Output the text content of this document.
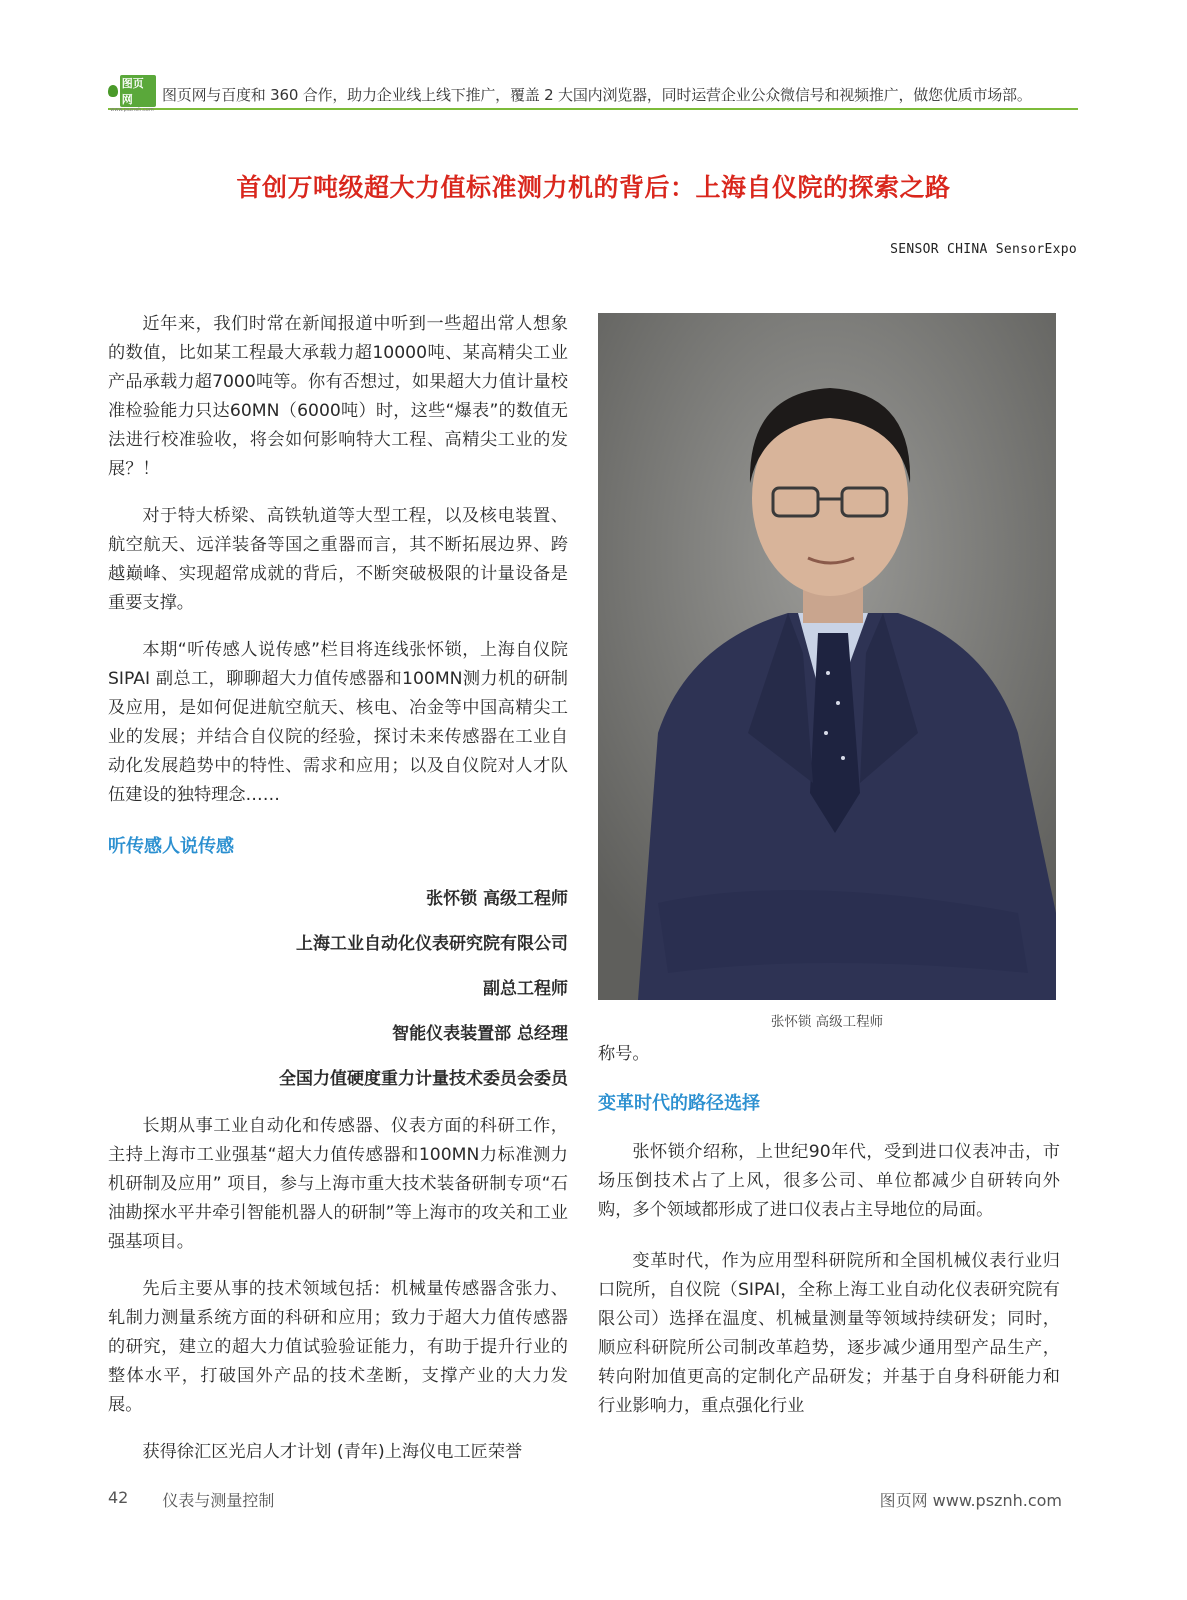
图页网
www.pszneh.com
图页网与百度和 360 合作，助力企业线上线下推广，覆盖 2 大国内浏览器，同时运营企业公众微信号和视频推广，做您优质市场部。
首创万吨级超大力值标准测力机的背后：上海自仪院的探索之路
SENSOR CHINA SensorExpo

近年来，我们时常在新闻报道中听到一些超出常人想象的数值，比如某工程最大承载力超10000吨、某高精尖工业产品承载力超7000吨等。你有否想过，如果超大力值计量校准检验能力只达60MN（6000吨）时，这些“爆表”的数值无法进行校准验收，将会如何影响特大工程、高精尖工业的发展？！

对于特大桥梁、高铁轨道等大型工程，以及核电装置、航空航天、远洋装备等国之重器而言，其不断拓展边界、跨越巅峰、实现超常成就的背后，不断突破极限的计量设备是重要支撑。

本期“听传感人说传感”栏目将连线张怀锁，上海自仪院SIPAI 副总工，聊聊超大力值传感器和100MN测力机的研制及应用，是如何促进航空航天、核电、冶金等中国高精尖工业的发展；并结合自仪院的经验，探讨未来传感器在工业自动化发展趋势中的特性、需求和应用；以及自仪院对人才队伍建设的独特理念……

听传感人说传感
张怀锁 高级工程师
上海工业自动化仪表研究院有限公司
副总工程师
智能仪表装置部 总经理
全国力值硬度重力计量技术委员会委员

长期从事工业自动化和传感器、仪表方面的科研工作，主持上海市工业强基“超大力值传感器和100MN力标准测力机研制及应用” 项目，参与上海市重大技术装备研制专项“石油勘探水平井牵引智能机器人的研制”等上海市的攻关和工业强基项目。

先后主要从事的技术领域包括：机械量传感器含张力、轧制力测量系统方面的科研和应用；致力于超大力值传感器的研究，建立的超大力值试验验证能力，有助于提升行业的整体水平，打破国外产品的技术垄断，支撑产业的大力发展。

获得徐汇区光启人才计划 (青年)上海仪电工匠荣誉

张怀锁 高级工程师

称号。

变革时代的路径选择

张怀锁介绍称，上世纪90年代，受到进口仪表冲击，市场压倒技术占了上风，很多公司、单位都减少自研转向外购，多个领域都形成了进口仪表占主导地位的局面。

变革时代，作为应用型科研院所和全国机械仪表行业归口院所，自仪院（SIPAI，全称上海工业自动化仪表研究院有限公司）选择在温度、机械量测量等领域持续研发；同时，顺应科研院所公司制改革趋势，逐步减少通用型产品生产，转向附加值更高的定制化产品研发；并基于自身科研能力和行业影响力，重点强化行业

42 仪表与测量控制	图页网 www.psznh.com
